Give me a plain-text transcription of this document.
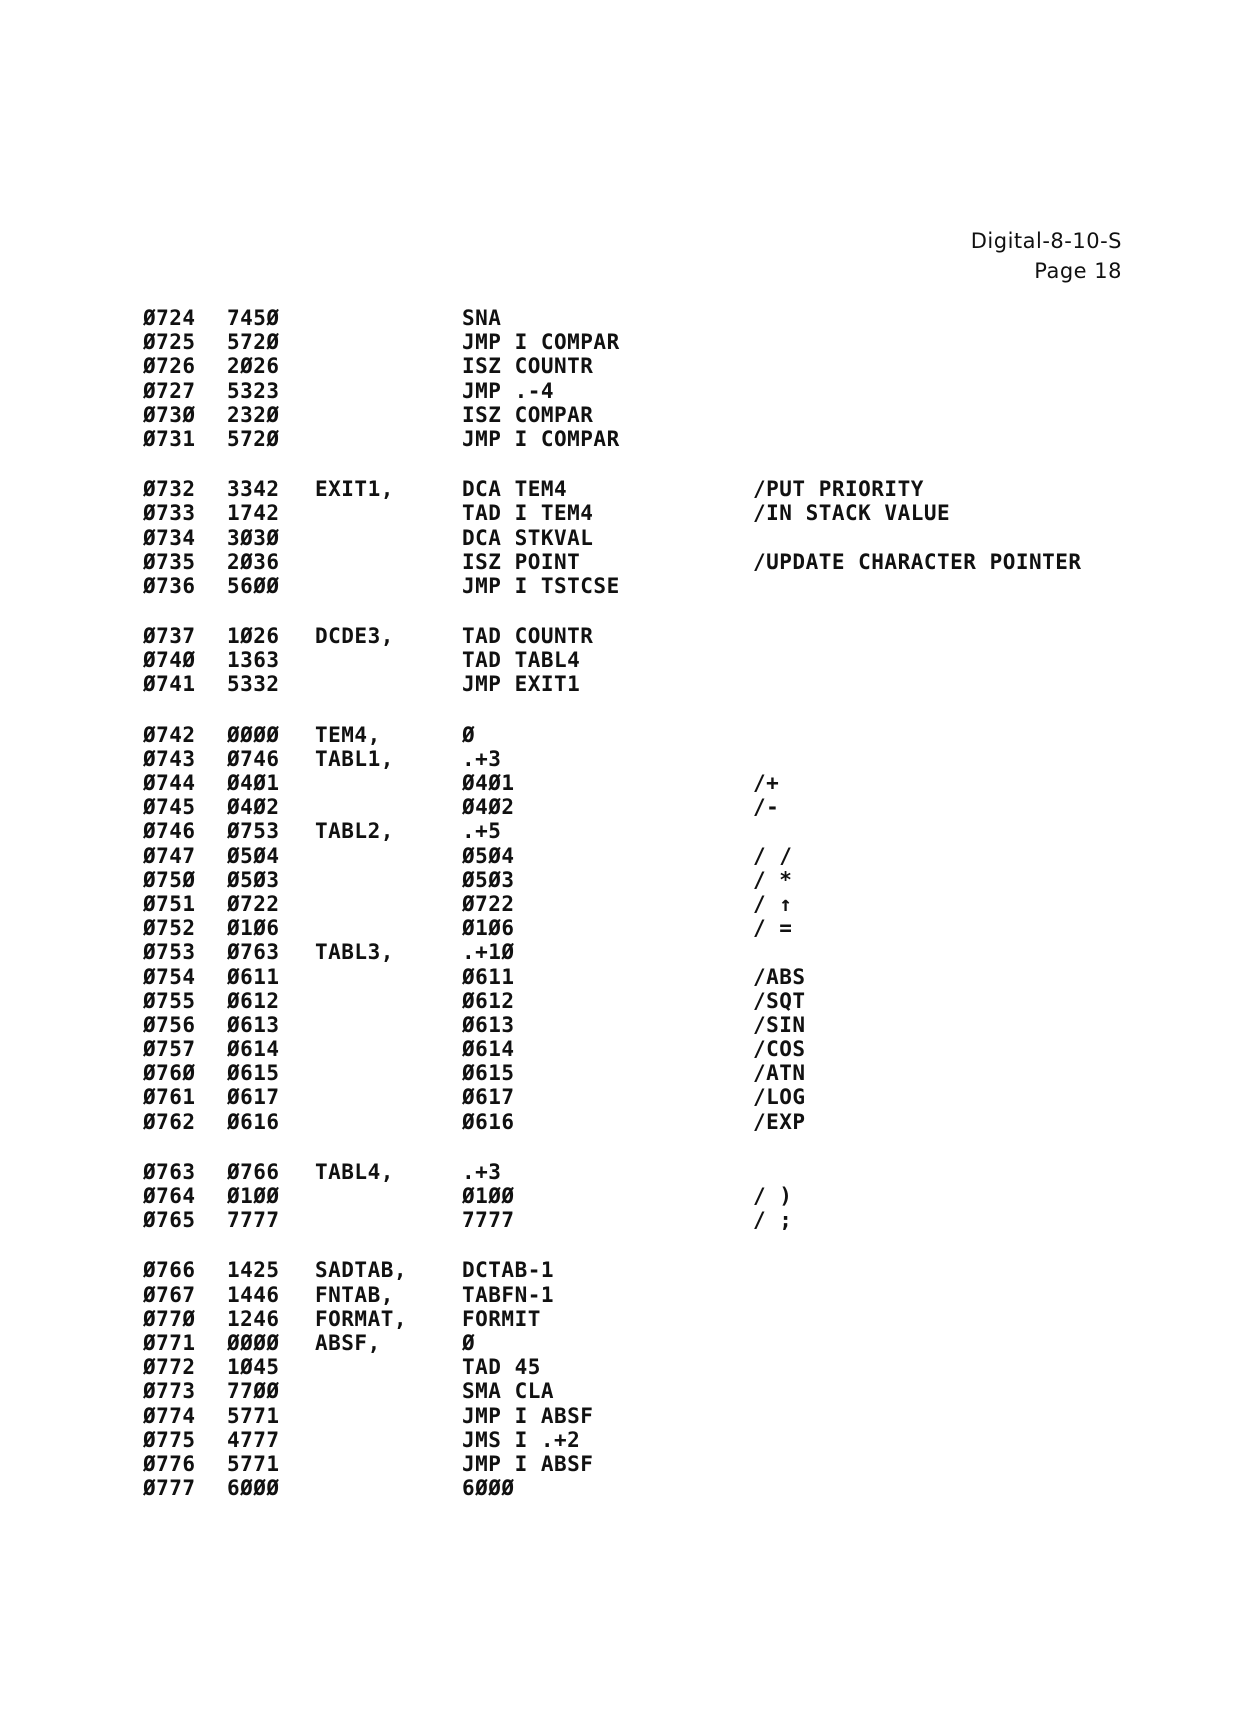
Digital-8-10-S
Page 18
Ø724 745Ø	SNA
Ø725 572Ø	JMP I COMPAR
Ø726 2Ø26	ISZ COUNTR
Ø727 5323	JMP .-4
Ø73Ø 232Ø	ISZ COMPAR
Ø731 572Ø	JMP I COMPAR
Ø732 3342 EXIT1,	DCA TEM4	/PUT PRIORITY
Ø733 1742	TAD I TEM4	/IN STACK VALUE
Ø734 3Ø3Ø	DCA STKVAL
Ø735 2Ø36	ISZ POINT	/UPDATE CHARACTER POINTER
Ø736 56ØØ	JMP I TSTCSE
Ø737 1Ø26 DCDE3,	TAD COUNTR
Ø74Ø 1363	TAD TABL4
Ø741 5332	JMP EXIT1
Ø742 ØØØØ TEM4,	Ø
Ø743 Ø746 TABL1,	.+3
Ø744 Ø4Ø1	Ø4Ø1	/+
Ø745 Ø4Ø2	Ø4Ø2	/-
Ø746 Ø753 TABL2,	.+5
Ø747 Ø5Ø4	Ø5Ø4	/ /
Ø75Ø Ø5Ø3	Ø5Ø3	/ *
Ø751 Ø722	Ø722	/ ↑
Ø752 Ø1Ø6	Ø1Ø6	/ =
Ø753 Ø763 TABL3,	.+1Ø
Ø754 Ø611	Ø611	/ABS
Ø755 Ø612	Ø612	/SQT
Ø756 Ø613	Ø613	/SIN
Ø757 Ø614	Ø614	/COS
Ø76Ø Ø615	Ø615	/ATN
Ø761 Ø617	Ø617	/LOG
Ø762 Ø616	Ø616	/EXP
Ø763 Ø766 TABL4,	.+3
Ø764 Ø1ØØ	Ø1ØØ	/ )
Ø765 7777	7777	/ ;
Ø766 1425 SADTAB,	DCTAB-1
Ø767 1446 FNTAB,	TABFN-1
Ø77Ø 1246 FORMAT,	FORMIT
Ø771 ØØØØ ABSF,	Ø
Ø772 1Ø45	TAD 45
Ø773 77ØØ	SMA CLA
Ø774 5771	JMP I ABSF
Ø775 4777	JMS I .+2
Ø776 5771	JMP I ABSF
Ø777 6ØØØ	6ØØØ
